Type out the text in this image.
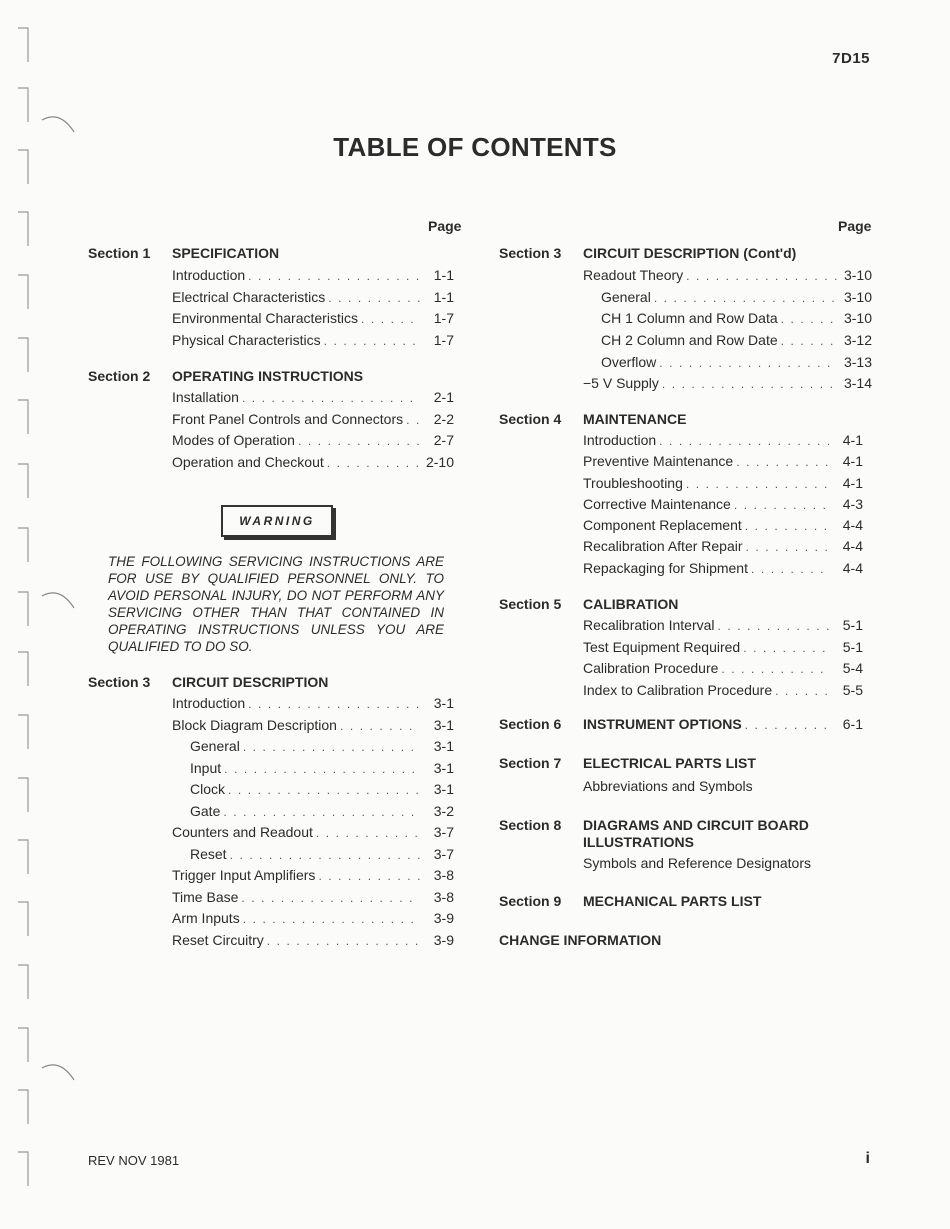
7D15
TABLE OF CONTENTS
Page
Section 1 SPECIFICATION
Introduction . . .	1-1
Electrical Characteristics . . .	1-1
Environmental Characteristics . . .	1-7
Physical Characteristics . . .	1-7
Section 2 OPERATING INSTRUCTIONS
Installation . . .	2-1
Front Panel Controls and Connectors . . .	2-2
Modes of Operation . . .	2-7
Operation and Checkout . . .	2-10
WARNING
THE FOLLOWING SERVICING INSTRUCTIONS ARE FOR USE BY QUALIFIED PERSONNEL ONLY. TO AVOID PERSONAL INJURY, DO NOT PERFORM ANY SERVICING OTHER THAN THAT CONTAINED IN OPERATING INSTRUCTIONS UNLESS YOU ARE QUALIFIED TO DO SO.
Section 3 CIRCUIT DESCRIPTION
Introduction . . .	3-1
Block Diagram Description . . .	3-1
General . . .	3-1
Input . . .	3-1
Clock . . .	3-1
Gate . . .	3-2
Counters and Readout . . .	3-7
Reset . . .	3-7
Trigger Input Amplifiers . . .	3-8
Time Base . . .	3-8
Arm Inputs . . .	3-9
Reset Circuitry . . .	3-9
Page
Section 3 CIRCUIT DESCRIPTION (Cont'd)
Readout Theory . . .	3-10
General . . .	3-10
CH 1 Column and Row Data . . .	3-10
CH 2 Column and Row Date . . .	3-12
Overflow . . .	3-13
−5 V Supply . . .	3-14
Section 4 MAINTENANCE
Introduction . . .	4-1
Preventive Maintenance . . .	4-1
Troubleshooting . . .	4-1
Corrective Maintenance . . .	4-3
Component Replacement . . .	4-4
Recalibration After Repair . . .	4-4
Repackaging for Shipment . . .	4-4
Section 5 CALIBRATION
Recalibration Interval . . .	5-1
Test Equipment Required . . .	5-1
Calibration Procedure . . .	5-4
Index to Calibration Procedure . . .	5-5
Section 6 INSTRUMENT OPTIONS . . .	6-1
Section 7 ELECTRICAL PARTS LIST
Abbreviations and Symbols
Section 8 DIAGRAMS AND CIRCUIT BOARD
ILLUSTRATIONS
Symbols and Reference Designators
Section 9 MECHANICAL PARTS LIST
CHANGE INFORMATION
REV NOV 1981	i
